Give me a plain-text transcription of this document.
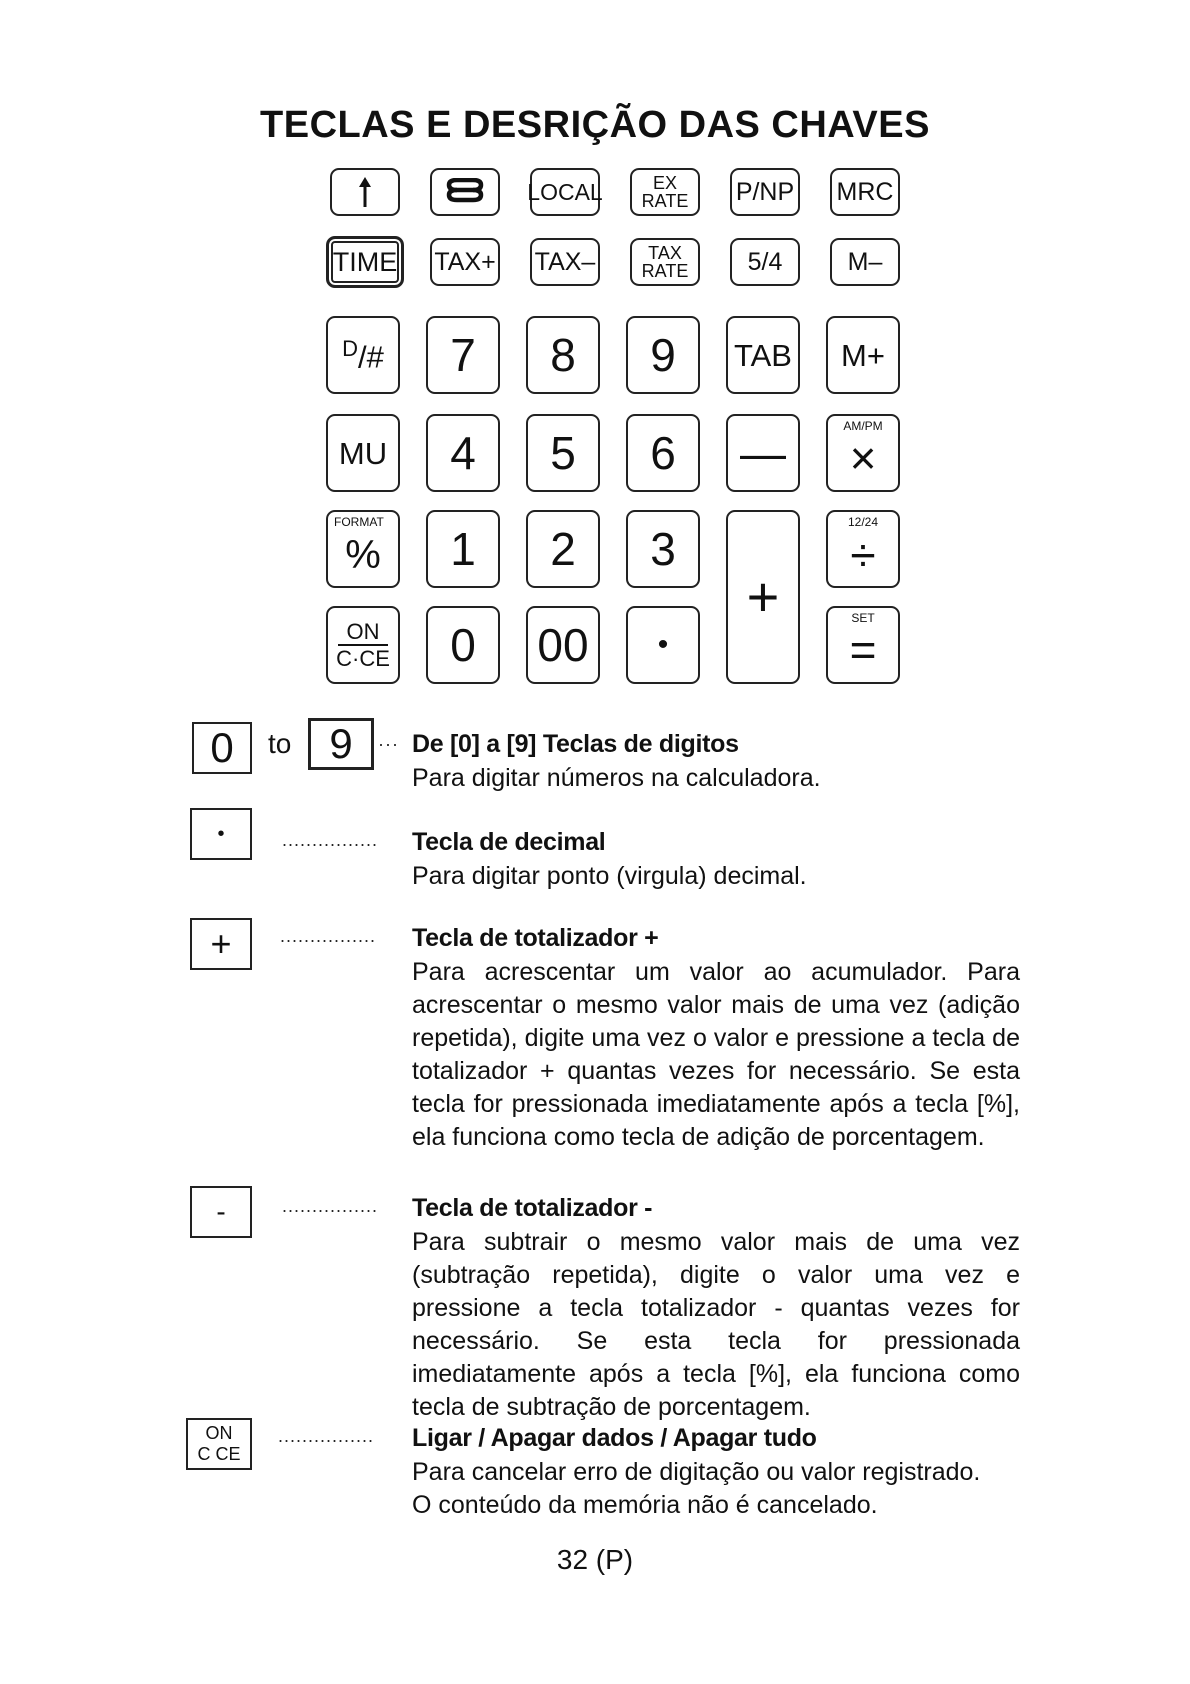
TECLAS E DESRIÇÃO DAS CHAVES
LOCAL	EX
RATE P/NP MRC
TIME TAX+ TAX–	TAX
RATE 5/4	M–
$^D$/# 7 8 9 TAB M+
MU 4 5 6 —
AM/PM
×
FORMAT
% 1 2 3
+
12/24
÷
$\frac{ON}{C\cdot CE} 0$ 00 •
SET
=
0 to 9 ··· De [0] a [9] Teclas de digitos
Para digitar números na calculadora.
•	................ Tecla de decimal
Para digitar ponto (virgula) decimal.
+	................ Tecla de totalizador +
Para acrescentar um valor ao acumulador. Para acrescentar o mesmo valor mais de uma vez (adição repetida), digite uma vez o valor e pressione a tecla de totalizador + quantas vezes for necessário. Se esta tecla for pressionada imediatamente após a tecla [%], ela funciona como tecla de adição de porcentagem.
-	................ Tecla de totalizador -
Para subtrair o mesmo valor mais de uma vez (subtração repetida), digite o valor uma vez e pressione a tecla totalizador - quantas vezes for necessário. Se esta tecla for pressionada imediatamente após a tecla [%], ela funciona como tecla de subtração de porcentagem.
ON
C CE
................ Ligar / Apagar dados / Apagar tudo
Para cancelar erro de digitação ou valor registrado.
O conteúdo da memória não é cancelado.
32 (P)
